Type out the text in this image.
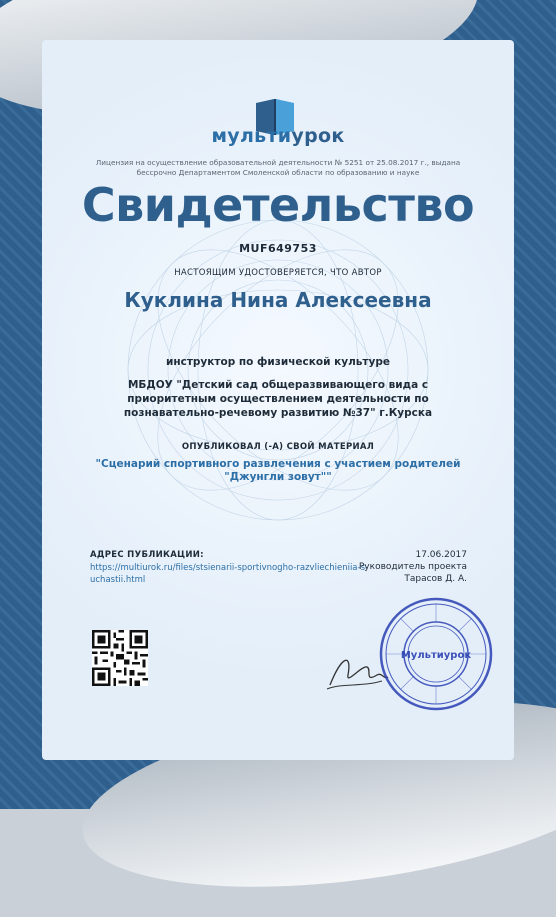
мультиурок
Лицензия на осуществление образовательной деятельности № 5251 от 25.08.2017 г., выдана бессрочно Департаментом Смоленской области по образованию и науке
Свидетельство
MUF649753
НАСТОЯЩИМ УДОСТОВЕРЯЕТСЯ, ЧТО АВТОР
Куклина Нина Алексеевна
инструктор по физической культуре
МБДОУ "Детский сад общеразвивающего вида с приоритетным осуществлением деятельности по познавательно-речевому развитию №37" г.Курска
ОПУБЛИКОВАЛ (-А) СВОЙ МАТЕРИАЛ
"Сценарий спортивного развлечения с участием родителей "Джунгли зовут""
АДРЕС ПУБЛИКАЦИИ:
https://multiurok.ru/files/stsienarii-sportivnogho-razvliechieniia-s-uchastii.html
17.06.2017
Руководитель проекта
Тарасов Д. А.
Мультиурок
